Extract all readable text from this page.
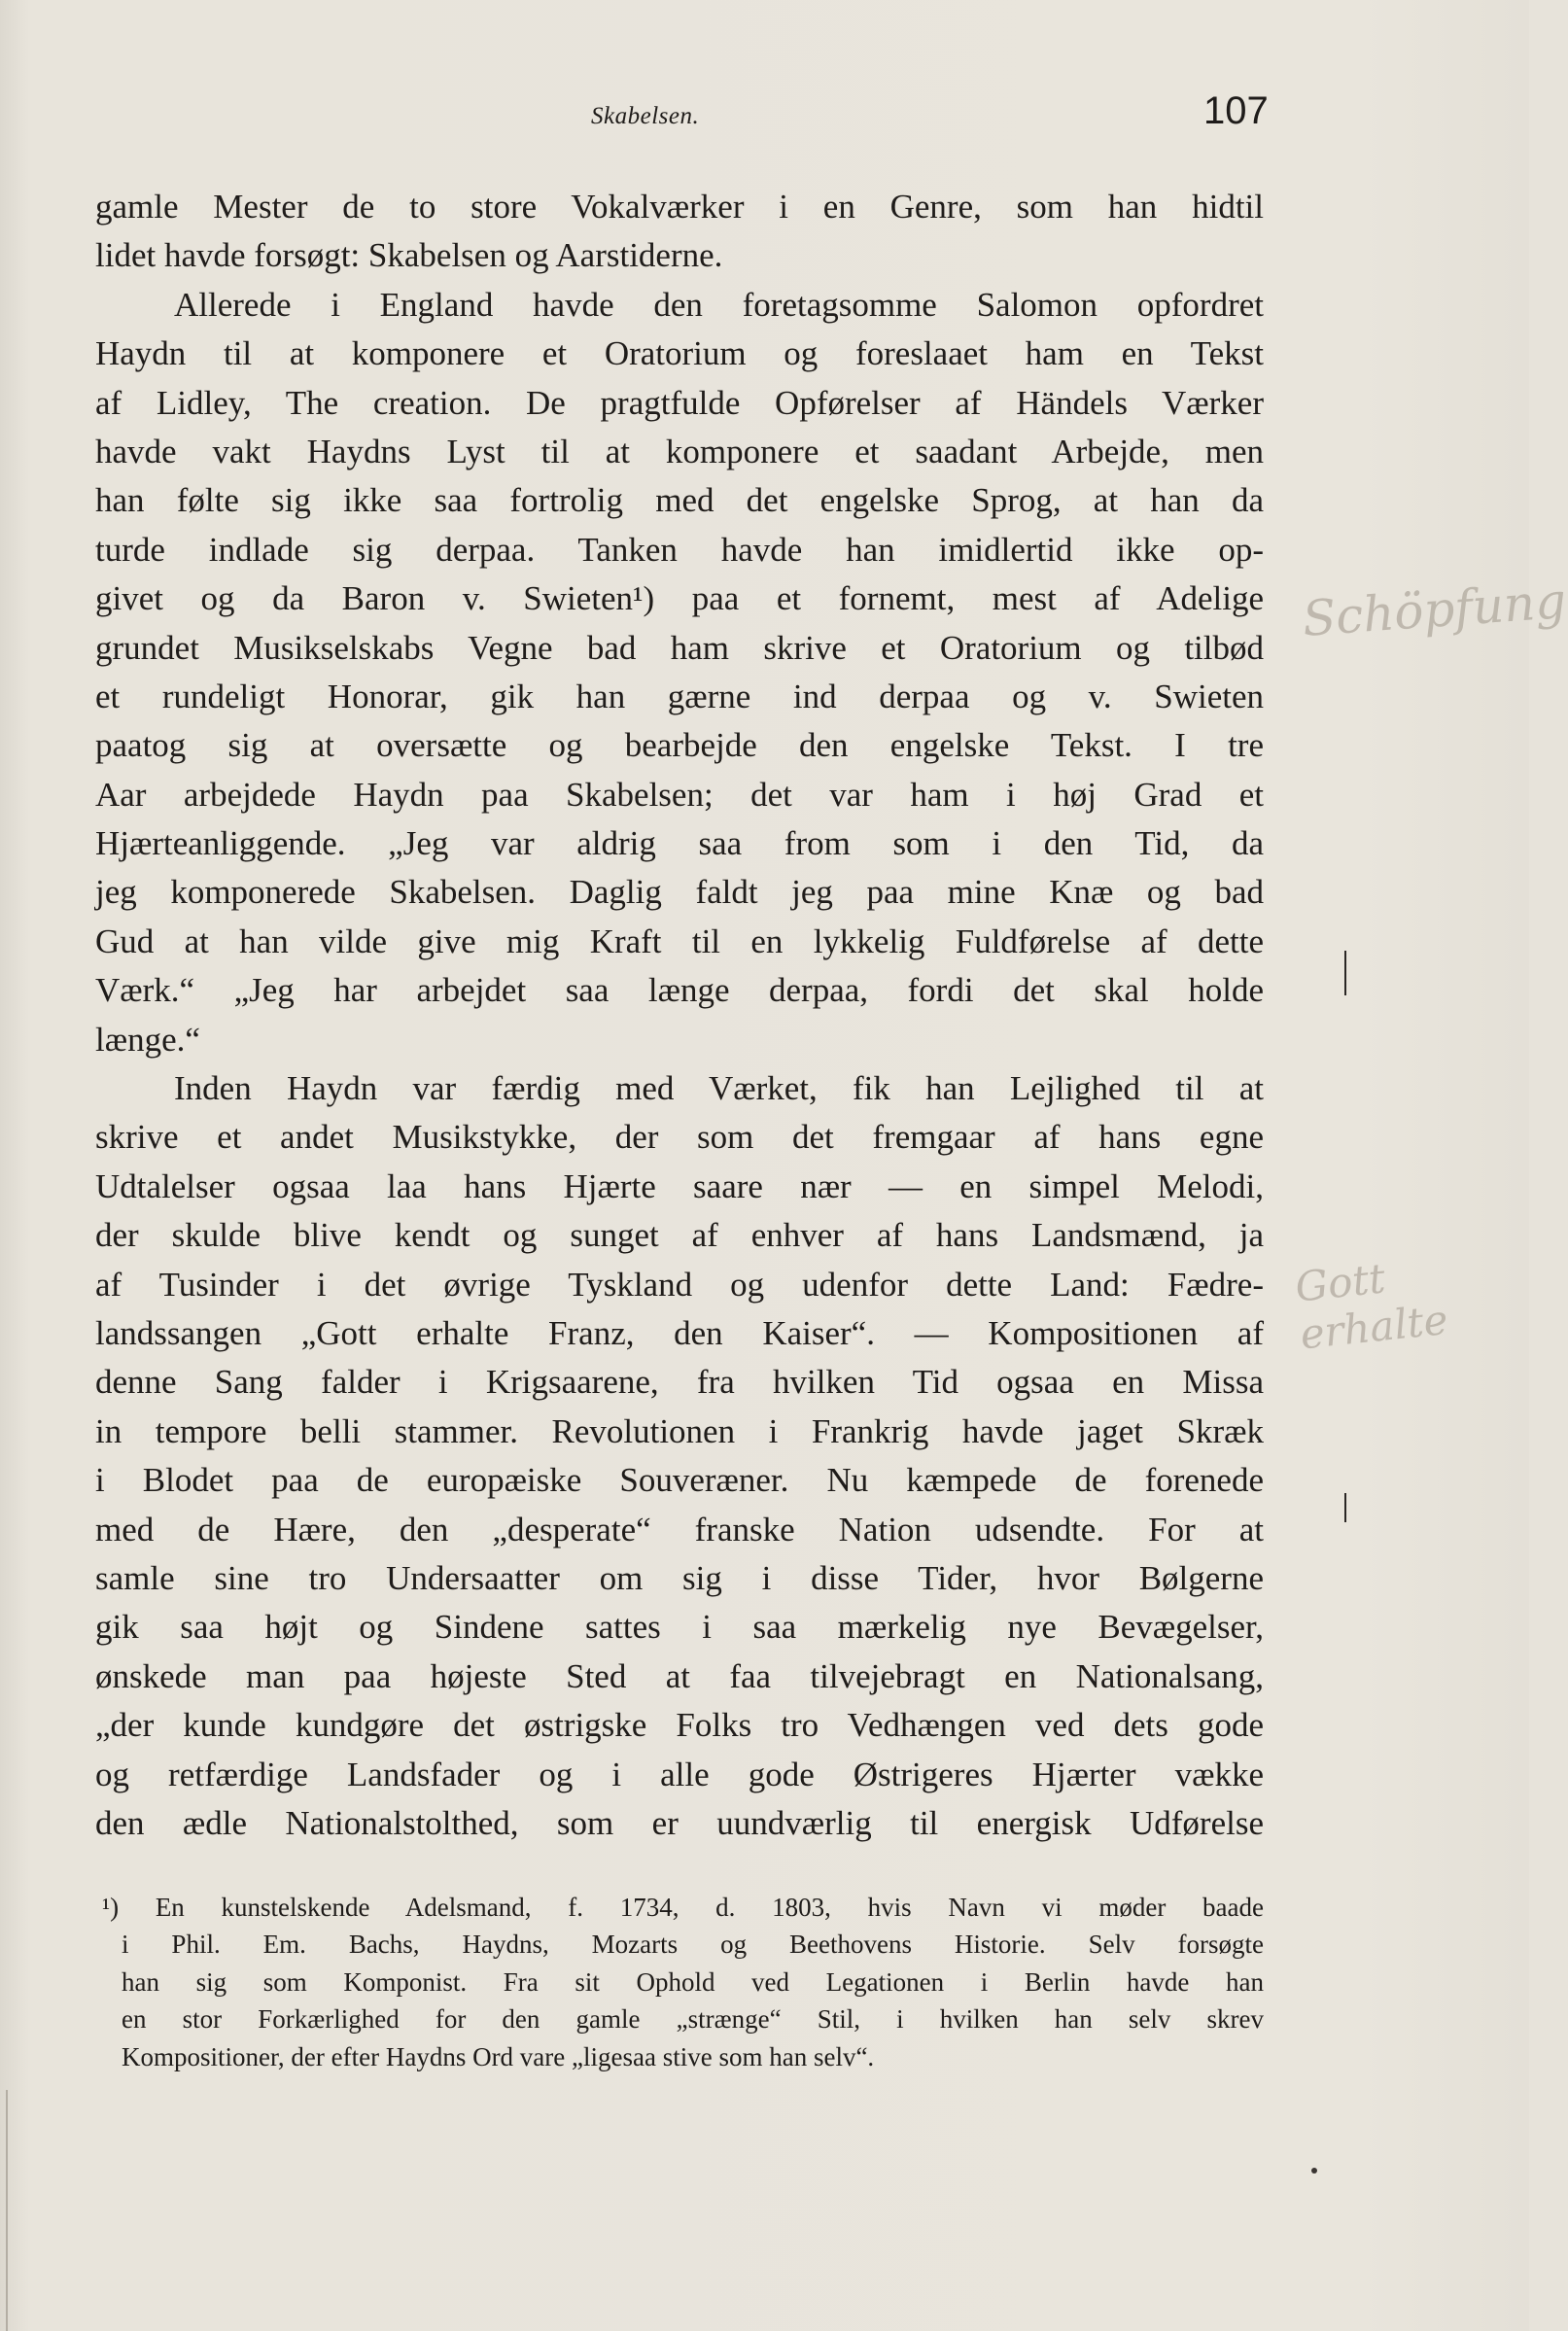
Skabelsen.	107
gamle Mester de to store Vokalværker i en Genre, som han hidtil
lidet havde forsøgt: Skabelsen og Aarstiderne.
Allerede i England havde den foretagsomme Salomon opfordret
Haydn til at komponere et Oratorium og foreslaaet ham en Tekst
af Lidley, The creation. De pragtfulde Opførelser af Händels Værker
havde vakt Haydns Lyst til at komponere et saadant Arbejde, men
han følte sig ikke saa fortrolig med det engelske Sprog, at han da
turde indlade sig derpaa. Tanken havde han imidlertid ikke op-
givet og da Baron v. Swieten¹) paa et fornemt, mest af Adelige
grundet Musikselskabs Vegne bad ham skrive et Oratorium og tilbød
et rundeligt Honorar, gik han gærne ind derpaa og v. Swieten
paatog sig at oversætte og bearbejde den engelske Tekst. I tre
Aar arbejdede Haydn paa Skabelsen; det var ham i høj Grad et
Hjærteanliggende. „Jeg var aldrig saa from som i den Tid, da
jeg komponerede Skabelsen. Daglig faldt jeg paa mine Knæ og bad
Gud at han vilde give mig Kraft til en lykkelig Fuldførelse af dette
Værk.“ „Jeg har arbejdet saa længe derpaa, fordi det skal holde
længe.“
Inden Haydn var færdig med Værket, fik han Lejlighed til at
skrive et andet Musikstykke, der som det fremgaar af hans egne
Udtalelser ogsaa laa hans Hjærte saare nær — en simpel Melodi,
der skulde blive kendt og sunget af enhver af hans Landsmænd, ja
af Tusinder i det øvrige Tyskland og udenfor dette Land: Fædre-
landssangen „Gott erhalte Franz, den Kaiser“. — Kompositionen af
denne Sang falder i Krigsaarene, fra hvilken Tid ogsaa en Missa
in tempore belli stammer. Revolutionen i Frankrig havde jaget Skræk
i Blodet paa de europæiske Souveræner. Nu kæmpede de forenede
med de Hære, den „desperate“ franske Nation udsendte. For at
samle sine tro Undersaatter om sig i disse Tider, hvor Bølgerne
gik saa højt og Sindene sattes i saa mærkelig nye Bevægelser,
ønskede man paa højeste Sted at faa tilvejebragt en Nationalsang,
„der kunde kundgøre det østrigske Folks tro Vedhængen ved dets gode
og retfærdige Landsfader og i alle gode Østrigeres Hjærter vække
den ædle Nationalstolthed, som er uundværlig til energisk Udførelse
¹) En kunstelskende Adelsmand, f. 1734, d. 1803, hvis Navn vi møder baade
i Phil. Em. Bachs, Haydns, Mozarts og Beethovens Historie. Selv forsøgte
han sig som Komponist. Fra sit Ophold ved Legationen i Berlin havde han
en stor Forkærlighed for den gamle „strænge“ Stil, i hvilken han selv skrev
Kompositioner, der efter Haydns Ord vare „ligesaa stive som han selv“.
Schöpfung
Gott erhalte
